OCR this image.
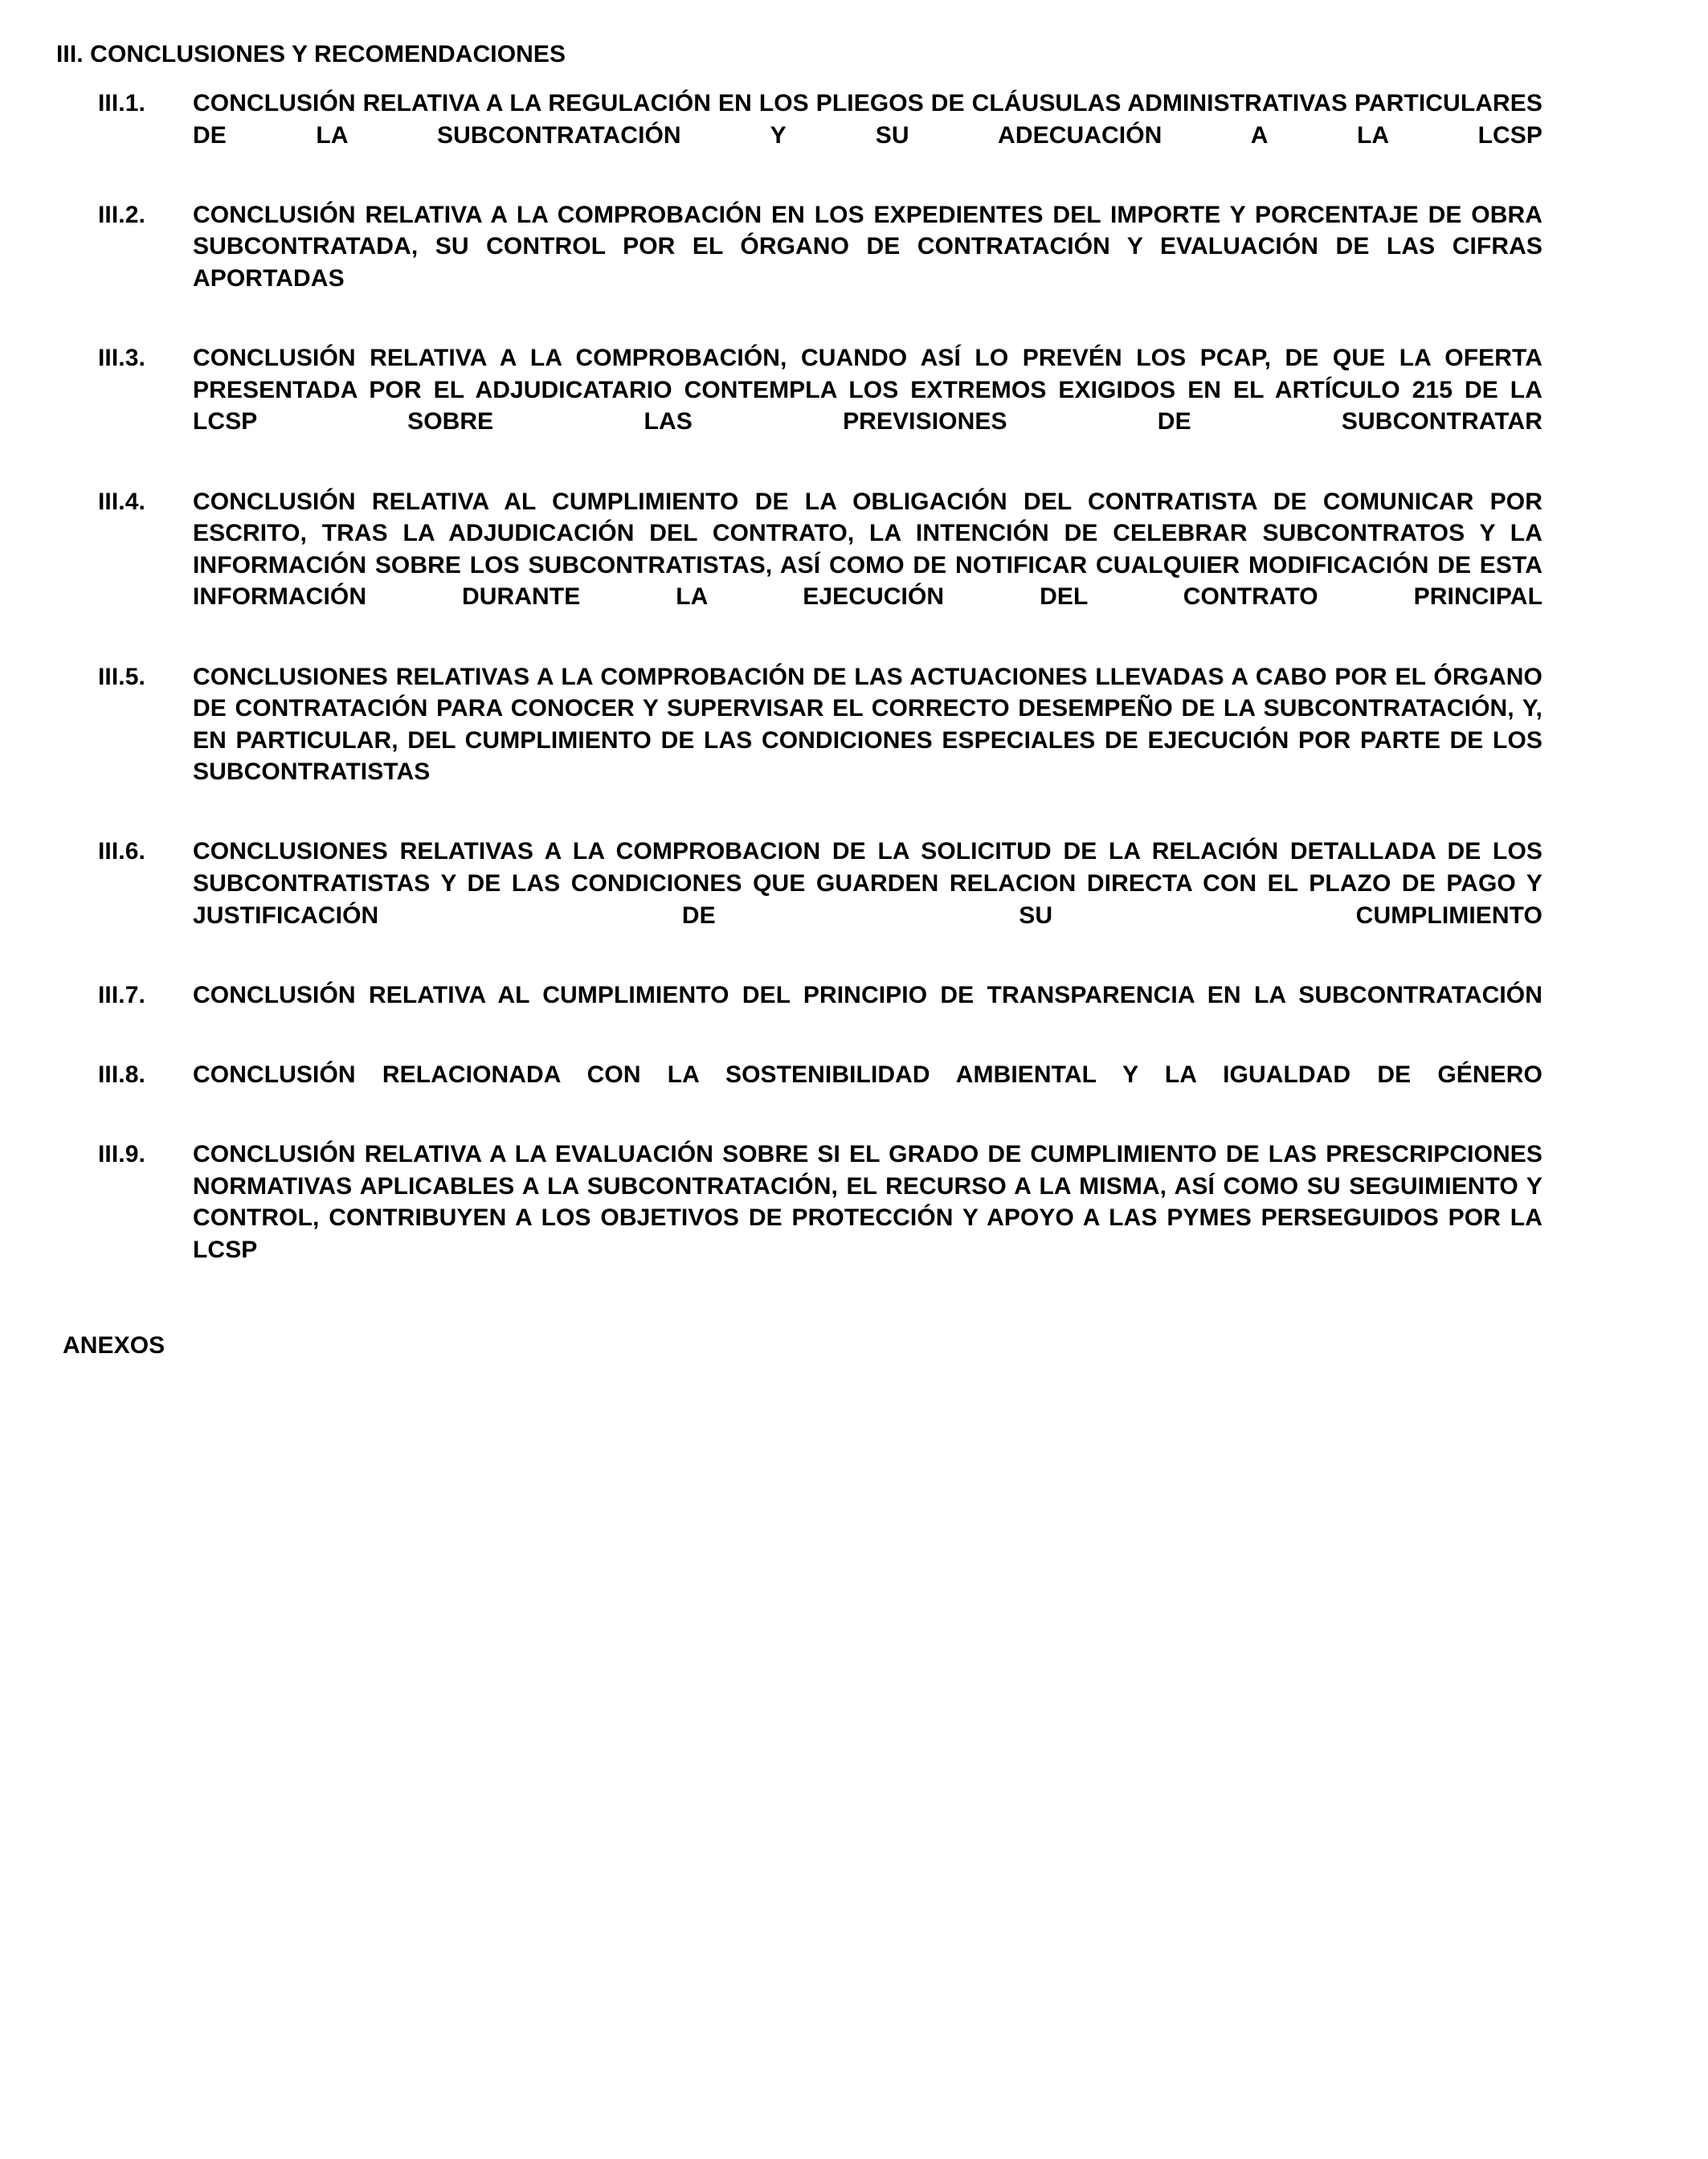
III. CONCLUSIONES Y RECOMENDACIONES
III.1.	CONCLUSIÓN RELATIVA A LA REGULACIÓN EN LOS PLIEGOS DE CLÁUSULAS ADMINISTRATIVAS PARTICULARES DE LA SUBCONTRATACIÓN Y SU ADECUACIÓN A LA LCSP
III.2.	CONCLUSIÓN RELATIVA A LA COMPROBACIÓN EN LOS EXPEDIENTES DEL IMPORTE Y PORCENTAJE DE OBRA SUBCONTRATADA, SU CONTROL POR EL ÓRGANO DE CONTRATACIÓN Y EVALUACIÓN DE LAS CIFRAS APORTADAS
III.3.	CONCLUSIÓN RELATIVA A LA COMPROBACIÓN, CUANDO ASÍ LO PREVÉN LOS PCAP, DE QUE LA OFERTA PRESENTADA POR EL ADJUDICATARIO CONTEMPLA LOS EXTREMOS EXIGIDOS EN EL ARTÍCULO 215 DE LA LCSP SOBRE LAS PREVISIONES DE SUBCONTRATAR
III.4.	CONCLUSIÓN RELATIVA AL CUMPLIMIENTO DE LA OBLIGACIÓN DEL CONTRATISTA DE COMUNICAR POR ESCRITO, TRAS LA ADJUDICACIÓN DEL CONTRATO, LA INTENCIÓN DE CELEBRAR SUBCONTRATOS Y LA INFORMACIÓN SOBRE LOS SUBCONTRATISTAS, ASÍ COMO DE NOTIFICAR CUALQUIER MODIFICACIÓN DE ESTA INFORMACIÓN DURANTE LA EJECUCIÓN DEL CONTRATO PRINCIPAL
III.5.	CONCLUSIONES RELATIVAS A LA COMPROBACIÓN DE LAS ACTUACIONES LLEVADAS A CABO POR EL ÓRGANO DE CONTRATACIÓN PARA CONOCER Y SUPERVISAR EL CORRECTO DESEMPEÑO DE LA SUBCONTRATACIÓN, Y, EN PARTICULAR, DEL CUMPLIMIENTO DE LAS CONDICIONES ESPECIALES DE EJECUCIÓN POR PARTE DE LOS SUBCONTRATISTAS
III.6.	CONCLUSIONES RELATIVAS A LA COMPROBACION DE LA SOLICITUD DE LA RELACIÓN DETALLADA DE LOS SUBCONTRATISTAS Y DE LAS CONDICIONES QUE GUARDEN RELACION DIRECTA CON EL PLAZO DE PAGO Y JUSTIFICACIÓN DE SU CUMPLIMIENTO
III.7.	CONCLUSIÓN RELATIVA AL CUMPLIMIENTO DEL PRINCIPIO DE TRANSPARENCIA EN LA SUBCONTRATACIÓN
III.8.	CONCLUSIÓN RELACIONADA CON LA SOSTENIBILIDAD AMBIENTAL Y LA IGUALDAD DE GÉNERO
III.9.	CONCLUSIÓN RELATIVA A LA EVALUACIÓN SOBRE SI EL GRADO DE CUMPLIMIENTO DE LAS PRESCRIPCIONES NORMATIVAS APLICABLES A LA SUBCONTRATACIÓN, EL RECURSO A LA MISMA, ASÍ COMO SU SEGUIMIENTO Y CONTROL, CONTRIBUYEN A LOS OBJETIVOS DE PROTECCIÓN Y APOYO A LAS PYMES PERSEGUIDOS POR LA LCSP
ANEXOS
